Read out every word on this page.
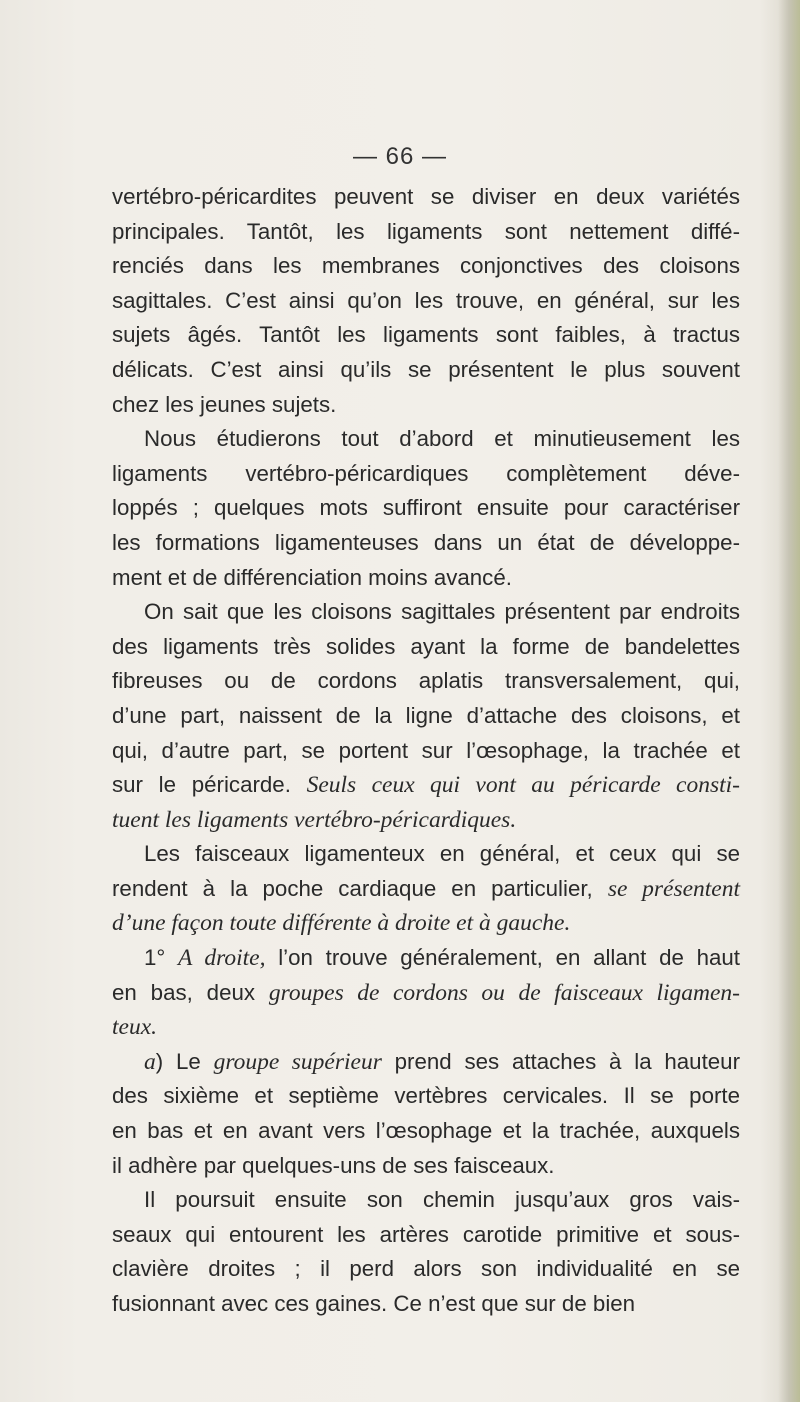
— 66 —
vertébro-péricardites peuvent se diviser en deux variétés
principales. Tantôt, les ligaments sont nettement diffé-
renciés dans les membranes conjonctives des cloisons
sagittales. C’est ainsi qu’on les trouve, en général, sur les
sujets âgés. Tantôt les ligaments sont faibles, à tractus
délicats. C’est ainsi qu’ils se présentent le plus souvent
chez les jeunes sujets.
Nous étudierons tout d’abord et minutieusement les
ligaments vertébro-péricardiques complètement déve-
loppés ; quelques mots suffiront ensuite pour caractériser
les formations ligamenteuses dans un état de développe-
ment et de différenciation moins avancé.
On sait que les cloisons sagittales présentent par endroits
des ligaments très solides ayant la forme de bandelettes
fibreuses ou de cordons aplatis transversalement, qui,
d’une part, naissent de la ligne d’attache des cloisons, et
qui, d’autre part, se portent sur l’œsophage, la trachée et
sur le péricarde. Seuls ceux qui vont au péricarde consti-
tuent les ligaments vertébro-péricardiques.
Les faisceaux ligamenteux en général, et ceux qui se
rendent à la poche cardiaque en particulier, se présentent
d’une façon toute différente à droite et à gauche.
1° A droite, l’on trouve généralement, en allant de haut
en bas, deux groupes de cordons ou de faisceaux ligamen-
teux.
a) Le groupe supérieur prend ses attaches à la hauteur
des sixième et septième vertèbres cervicales. Il se porte
en bas et en avant vers l’œsophage et la trachée, auxquels
il adhère par quelques-uns de ses faisceaux.
Il poursuit ensuite son chemin jusqu’aux gros vais-
seaux qui entourent les artères carotide primitive et sous-
clavière droites ; il perd alors son individualité en se
fusionnant avec ces gaines. Ce n’est que sur de bien
